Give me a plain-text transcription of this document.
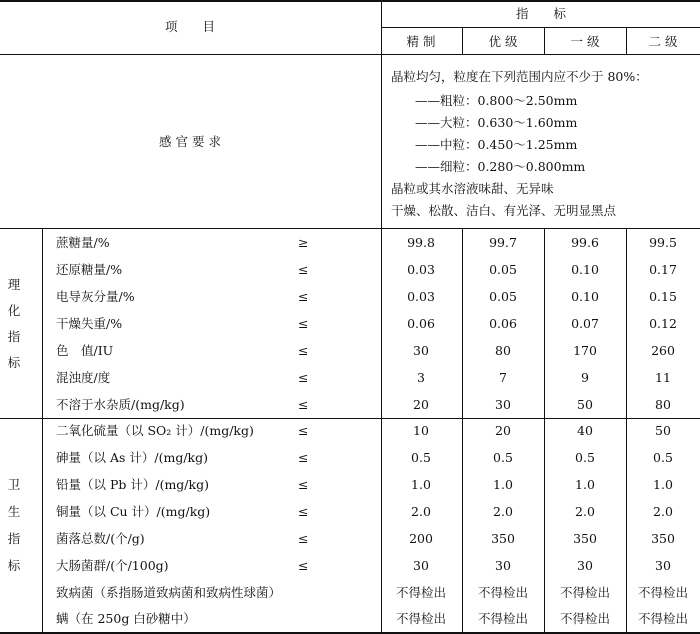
项　　目
指　　标
精 制	优 级	一 级	二 级
感 官 要 求
晶粒均匀，粒度在下列范围内应不少于 80%：
——粗粒：0.800～2.50mm
——大粒：0.630～1.60mm
——中粒：0.450～1.25mm
——细粒：0.280～0.800mm
晶粒或其水溶液味甜、无异味
干燥、松散、洁白、有光泽、无明显黑点
理
化
指
标
卫
生
指
标
蔗糖量/%	≥	99.8	99.7	99.6	99.5
还原糖量/%	≤	0.03	0.05	0.10	0.17
电导灰分量/%	≤	0.03	0.05	0.10	0.15
干燥失重/%	≤	0.06	0.06	0.07	0.12
色　值/IU	≤	30	80	170	260
混浊度/度	≤	3	7	9	11
不溶于水杂质/(mg/kg)	≤	20	30	50	80
二氧化硫量（以 SO₂ 计）/(mg/kg)	≤	10	20	40	50
砷量（以 As 计）/(mg/kg)	≤	0.5	0.5	0.5	0.5
铅量（以 Pb 计）/(mg/kg)	≤	1.0	1.0	1.0	1.0
铜量（以 Cu 计）/(mg/kg)	≤	2.0	2.0	2.0	2.0
菌落总数/(个/g)	≤	200	350	350	350
大肠菌群/(个/100g)	≤	30	30	30	30
致病菌（系指肠道致病菌和致病性球菌）	不得检出	不得检出	不得检出 不得检出
螨（在 250g 白砂糖中）	不得检出	不得检出	不得检出 不得检出
